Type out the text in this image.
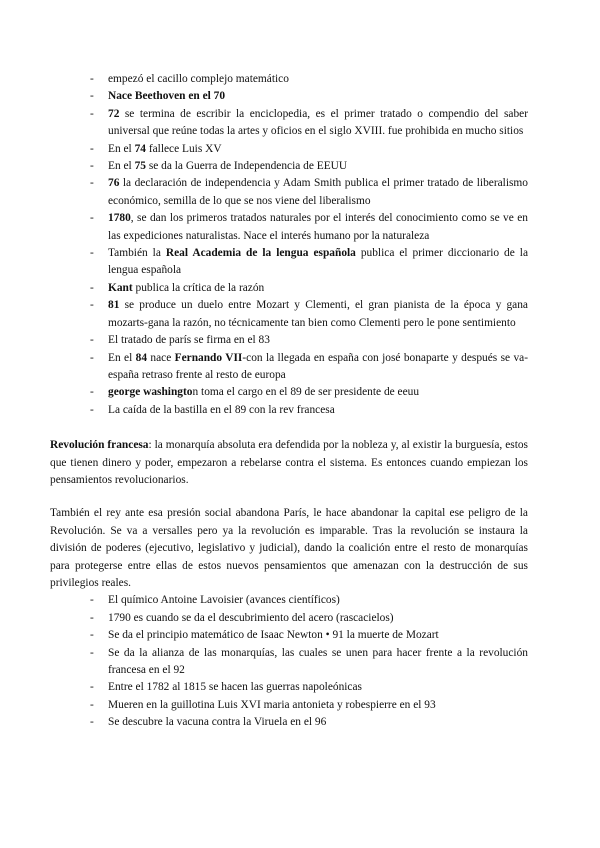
- empezó el cacillo complejo matemático
- Nace Beethoven en el 70
- 72 se termina de escribir la enciclopedia, es el primer tratado o compendio del saber universal que reúne todas la artes y oficios en el siglo XVIII. fue prohibida en mucho sitios
- En el 74 fallece Luis XV
- En el 75 se da la Guerra de Independencia de EEUU
- 76 la declaración de independencia y Adam Smith publica el primer tratado de liberalismo económico, semilla de lo que se nos viene del liberalismo
- 1780, se dan los primeros tratados naturales por el interés del conocimiento como se ve en las expediciones naturalistas. Nace el interés humano por la naturaleza
- También la Real Academia de la lengua española publica el primer diccionario de la lengua española
- Kant publica la crítica de la razón
- 81 se produce un duelo entre Mozart y Clementi, el gran pianista de la época y gana mozarts-gana la razón, no técnicamente tan bien como Clementi pero le pone sentimiento
- El tratado de parís se firma en el 83
- En el 84 nace Fernando VII-con la llegada en españa con josé bonaparte y después se va-españa retraso frente al resto de europa
- george washington toma el cargo en el 89 de ser presidente de eeuu
- La caída de la bastilla en el 89 con la rev francesa

Revolución francesa: la monarquía absoluta era defendida por la nobleza y, al existir la burguesía, estos que tienen dinero y poder, empezaron a rebelarse contra el sistema. Es entonces cuando empiezan los pensamientos revolucionarios.

También el rey ante esa presión social abandona París, le hace abandonar la capital ese peligro de la Revolución. Se va a versalles pero ya la revolución es imparable. Tras la revolución se instaura la división de poderes (ejecutivo, legislativo y judicial), dando la coalición entre el resto de monarquías para protegerse entre ellas de estos nuevos pensamientos que amenazan con la destrucción de sus privilegios reales.

- El químico Antoine Lavoisier (avances científicos)
- 1790 es cuando se da el descubrimiento del acero (rascacielos)
- Se da el principio matemático de Isaac Newton • 91 la muerte de Mozart
- Se da la alianza de las monarquías, las cuales se unen para hacer frente a la revolución francesa en el 92
- Entre el 1782 al 1815 se hacen las guerras napoleónicas
- Mueren en la guillotina Luis XVI maria antonieta y robespierre en el 93
- Se descubre la vacuna contra la Viruela en el 96
